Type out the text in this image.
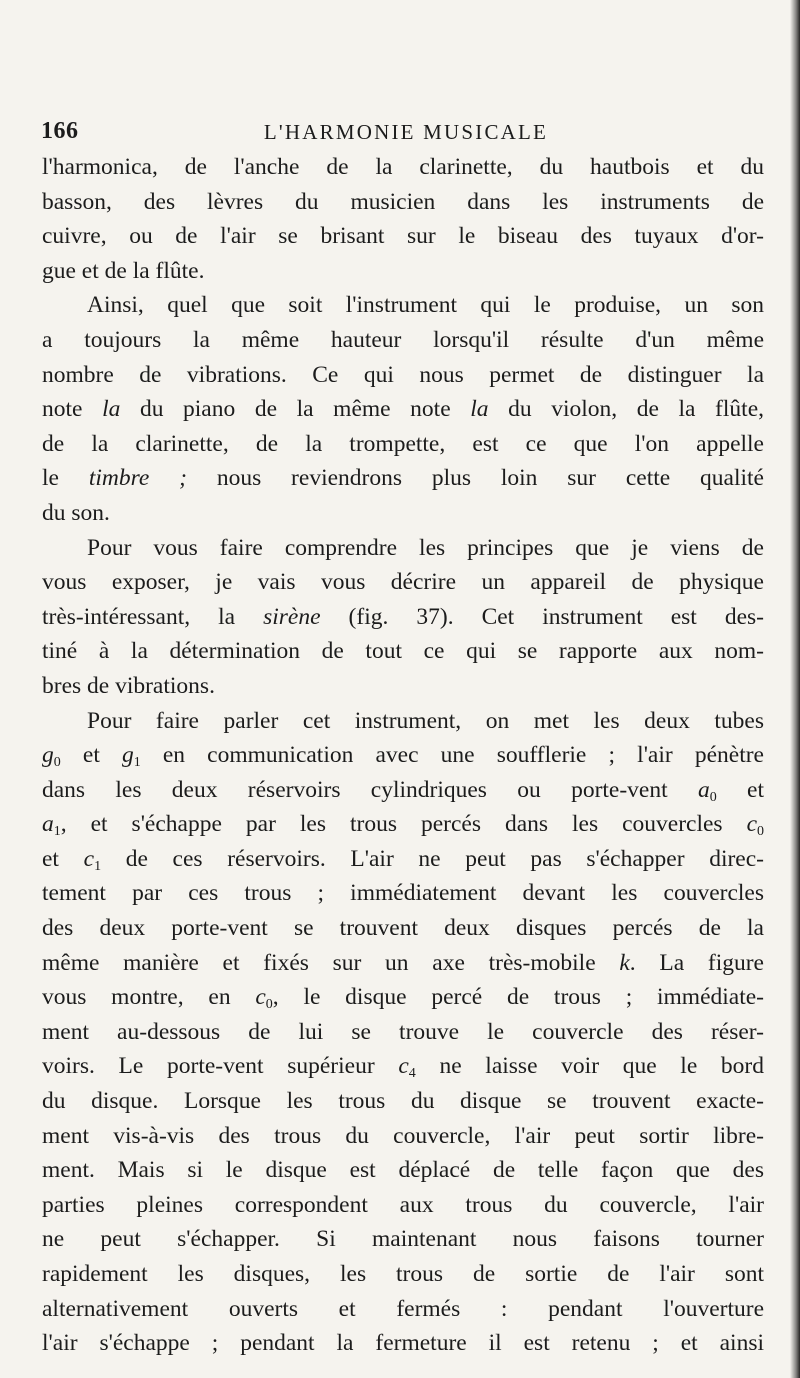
166	L'HARMONIE MUSICALE
l'harmonica, de l'anche de la clarinette, du hautbois et du
basson, des lèvres du musicien dans les instruments de
cuivre, ou de l'air se brisant sur le biseau des tuyaux d'or-
gue et de la flûte.
Ainsi, quel que soit l'instrument qui le produise, un son
a toujours la même hauteur lorsqu'il résulte d'un même
nombre de vibrations. Ce qui nous permet de distinguer la
note la du piano de la même note la du violon, de la flûte,
de la clarinette, de la trompette, est ce que l'on appelle
le timbre ; nous reviendrons plus loin sur cette qualité
du son.
Pour vous faire comprendre les principes que je viens de
vous exposer, je vais vous décrire un appareil de physique
très-intéressant, la sirène (fig. 37). Cet instrument est des-
tiné à la détermination de tout ce qui se rapporte aux nom-
bres de vibrations.
Pour faire parler cet instrument, on met les deux tubes
$g_0$ et $g_1$ en communication avec une soufflerie ; l'air pénètre
dans les deux réservoirs cylindriques ou porte-vent $a_0$ et
$a_1$, et s'échappe par les trous percés dans les couvercles $c_0$
et $c_1$ de ces réservoirs. L'air ne peut pas s'échapper direc-
tement par ces trous ; immédiatement devant les couvercles
des deux porte-vent se trouvent deux disques percés de la
même manière et fixés sur un axe très-mobile k. La figure
vous montre, en $c_0$, le disque percé de trous ; immédiate-
ment au-dessous de lui se trouve le couvercle des réser-
voirs. Le porte-vent supérieur $c_4$ ne laisse voir que le bord
du disque. Lorsque les trous du disque se trouvent exacte-
ment vis-à-vis des trous du couvercle, l'air peut sortir libre-
ment. Mais si le disque est déplacé de telle façon que des
parties pleines correspondent aux trous du couvercle, l'air
ne peut s'échapper. Si maintenant nous faisons tourner
rapidement les disques, les trous de sortie de l'air sont
alternativement ouverts et fermés : pendant l'ouverture
l'air s'échappe ; pendant la fermeture il est retenu ; et ainsi
